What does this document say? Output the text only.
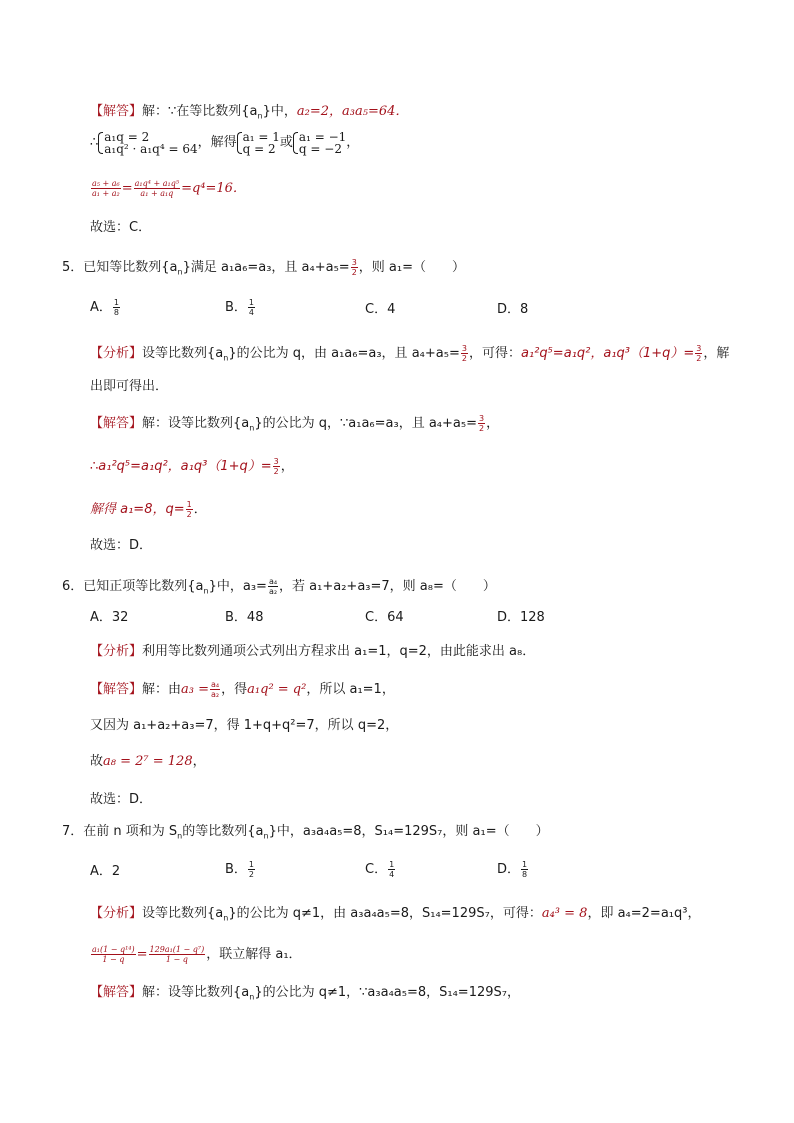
【解答】解：∵在等比数列$\{a_n\}$中，a₂=2，a₃a₅=64．
∴ a₁q = 2
a₁q² · a₁q⁴ = 64 ，解得 a₁ = 1
q = 2 或 a₁ = −1
q = −2 ，
$\frac{\text{a₅ + a₆}}{\text{a₁ + a₂}} = \frac{\text{a₁q⁴ + a₁q⁵}}{\text{a₁ + a₁q}} =q^4=16$．
故选：C．
5．已知等比数列$\{a_n\}$满足 a₁a₆=a₃，且 $a_4+a_5= \frac{3}{2}$ ，则 a₁=（　　）
A． $\frac{1}{8}$	B． $\frac{1}{4}$	C．4	D．8
【分析】设等比数列$\{a_n\}$的公比为 q，由 a₁a₆=a₃，且 $a_4+a_5= \frac{3}{2}$ ，可得：a₁²q⁵=a₁q²，$a_1q^3(1+q)= \frac{3}{2}$ ，解
出即可得出．
【解答】解：设等比数列$\{a_n\}$的公比为 q，∵a₁a₆=a₃，且 $a_4+a_5= \frac{3}{2}$ ，
∴a₁²q⁵=a₁q²，$a_1q^3(1+q)= \frac{3}{2}$ ，
解得 a₁=8，$q= \frac{1}{2}$ ．
故选：D．
6．已知正项等比数列$\{a_n\}$中，$a_3= \frac{\text{a₄}}{\text{a₂}}$ ，若 a₁+a₂+a₃=7，则 a₈=（　　）
A．32	B．48	C．64	D．128
【分析】利用等比数列通项公式列出方程求出 a₁=1，q=2，由此能求出 a₈．
【解答】解：由$a_3 = \frac{\text{a₄}}{\text{a₂}}$ ，得a₁q² = q²，所以 a₁=1，
又因为 a₁+a₂+a₃=7，得 1+q+q²=7，所以 q=2，
故a₈ = 2⁷ = 128，
故选：D．
7．在前 n 项和为 $S_n$的等比数列$\{a_n\}$中，a₃a₄a₅=8，S₁₄=129S₇，则 a₁=（　　）
A．2	B． $\frac{1}{2}$	C． $\frac{1}{4}$	D． $\frac{1}{8}$
【分析】设等比数列$\{a_n\}$的公比为 q≠1，由 a₃a₄a₅=8，S₁₄=129S₇，可得：a₄³ = 8，即 a₄=2=a₁q³，
$\frac{\text{a₁(1 − q¹⁴)}}{1 - q} = \frac{\text{129a₁(1 − q⁷)}}{1 - q}$ ，联立解得 a₁．
【解答】解：设等比数列$\{a_n\}$的公比为 q≠1，∵a₃a₄a₅=8，S₁₄=129S₇，
